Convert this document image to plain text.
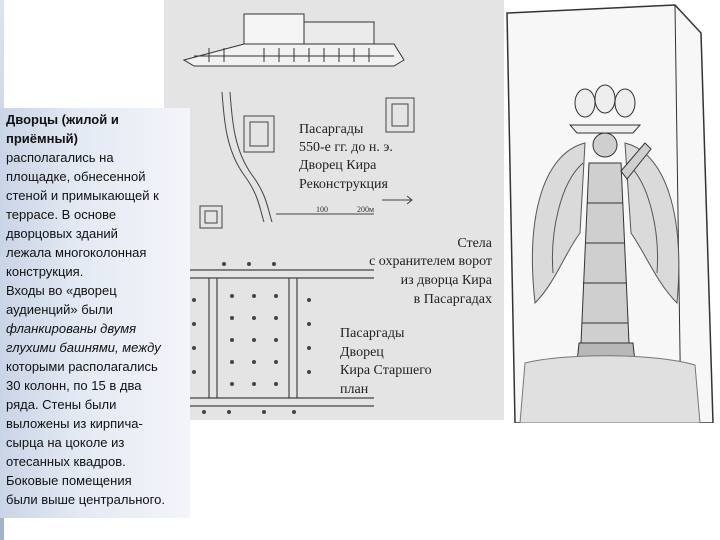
100	200м
Пасаргады
550-е гг. до н. э.
Дворец Кира
Реконструкция
Стела
с охранителем ворот
из дворца Кира
в Пасаргадах
Пасаргады
Дворец
Кира Старшего
план
Дворцы (жилой и
приёмный)
располагались на
площадке, обнесенной
стеной и примыкающей к
террасе. В основе
дворцовых зданий
лежала многоколонная
конструкция.
Входы во «дворец
аудиенций» были
фланкированы двумя
глухими башнями, между
которыми располагались
30 колонн, по 15 в два
ряда. Стены были
выложены из кирпича-
сырца на цоколе из
отесанных квадров.
Боковые помещения
были выше центрального.
